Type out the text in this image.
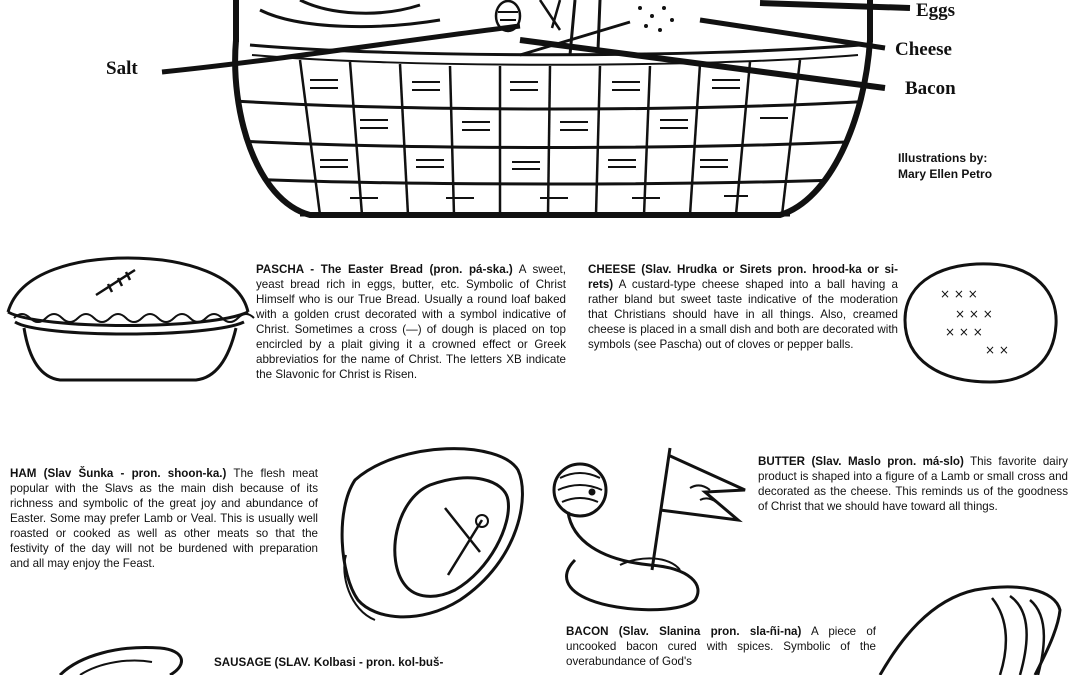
× × ×
× × ×
× × ×
× ×
Salt
Eggs
Cheese
Bacon
Illustrations by:
Mary Ellen Petro

PASCHA - The Easter Bread (pron. pá-ska.) A sweet, yeast bread rich in eggs, butter, etc. Symbolic of Christ Himself who is our True Bread. Usually a round loaf baked with a golden crust decorated with a symbol indicative of Christ. Sometimes a cross (—) of dough is placed on top encircled by a plait giving it a crowned effect or Greek abbreviatios for the name of Christ. The letters XB indicate the Slavonic for Christ is Risen.

CHEESE (Slav. Hrudka or Sirets pron. hrood-ka or si-rets) A custard-type cheese shaped into a ball having a rather bland but sweet taste indicative of the moderation that Christians should have in all things. Also, creamed cheese is placed in a small dish and both are decorated with symbols (see Pascha) out of cloves or pepper balls.

HAM (Slav Šunka - pron. shoon-ka.) The flesh meat popular with the Slavs as the main dish because of its richness and symbolic of the great joy and abundance of Easter. Some may prefer Lamb or Veal. This is usually well roasted or cooked as well as other meats so that the festivity of the day will not be burdened with preparation and all may enjoy the Feast.

BUTTER (Slav. Maslo pron. má-slo) This favorite dairy product is shaped into a figure of a Lamb or small cross and decorated as the cheese. This reminds us of the goodness of Christ that we should have toward all things.

SAUSAGE (SLAV. Kolbasi - pron. kol-buš-

BACON (Slav. Slanina pron. sla-ñi-na) A piece of uncooked bacon cured with spices. Symbolic of the overabundance of God's
